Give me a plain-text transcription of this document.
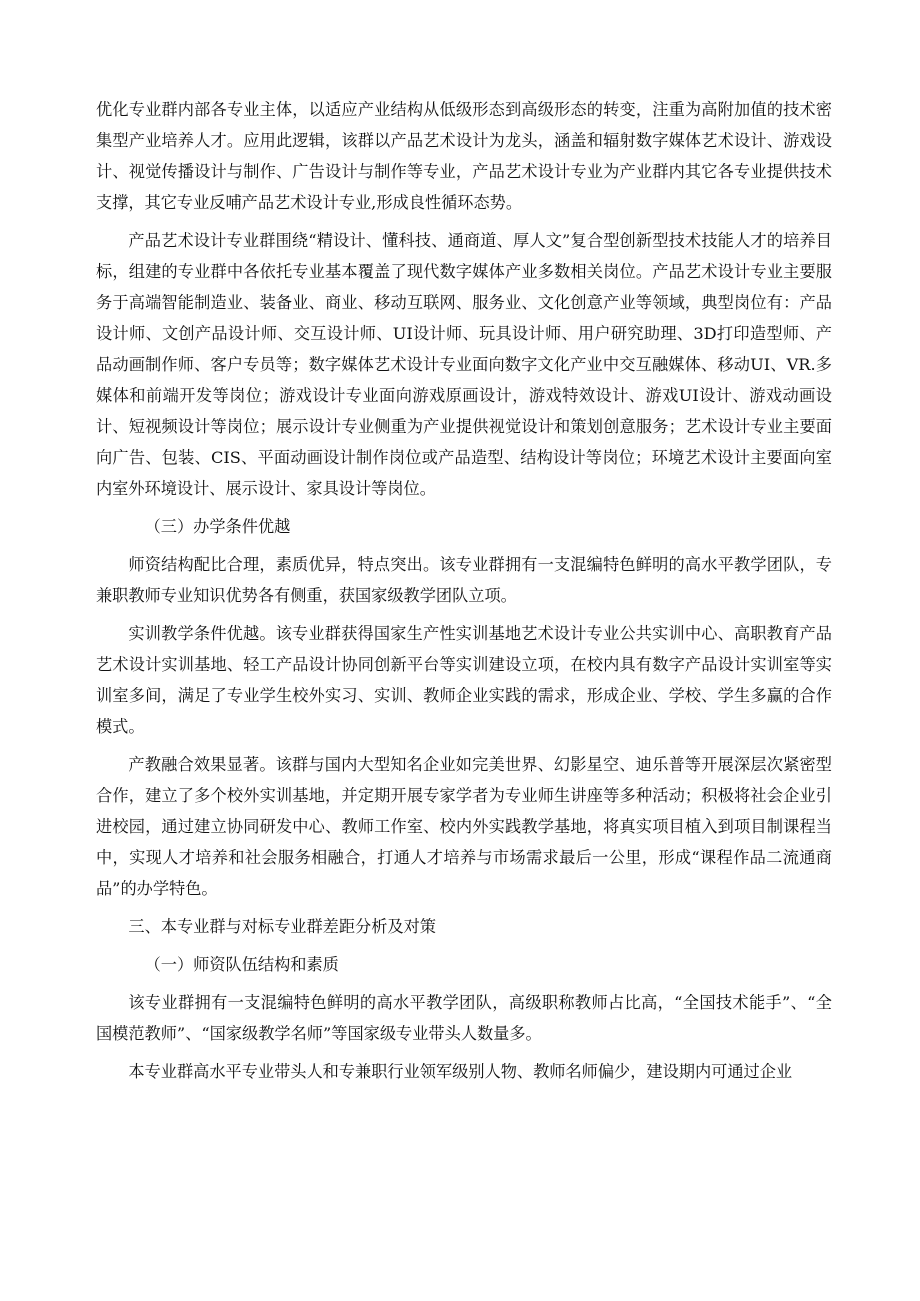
优化专业群内部各专业主体，以适应产业结构从低级形态到高级形态的转变，注重为高附加值的技术密集型产业培养人才。应用此逻辑，该群以产品艺术设计为龙头，涵盖和辐射数字媒体艺术设计、游戏设计、视觉传播设计与制作、广告设计与制作等专业，产品艺术设计专业为产业群内其它各专业提供技术支撑，其它专业反哺产品艺术设计专业,形成良性循环态势。

产品艺术设计专业群围绕“精设计、懂科技、通商道、厚人文”复合型创新型技术技能人才的培养目标，组建的专业群中各依托专业基本覆盖了现代数字媒体产业多数相关岗位。产品艺术设计专业主要服务于高端智能制造业、装备业、商业、移动互联网、服务业、文化创意产业等领域，典型岗位有：产品设计师、文创产品设计师、交互设计师、UI设计师、玩具设计师、用户研究助理、3D打印造型师、产品动画制作师、客户专员等；数字媒体艺术设计专业面向数字文化产业中交互融媒体、移动UI、VR.多媒体和前端开发等岗位；游戏设计专业面向游戏原画设计，游戏特效设计、游戏UI设计、游戏动画设计、短视频设计等岗位；展示设计专业侧重为产业提供视觉设计和策划创意服务；艺术设计专业主要面向广告、包装、CIS、平面动画设计制作岗位或产品造型、结构设计等岗位；环境艺术设计主要面向室内室外环境设计、展示设计、家具设计等岗位。

（三）办学条件优越

师资结构配比合理，素质优异，特点突出。该专业群拥有一支混编特色鲜明的高水平教学团队，专兼职教师专业知识优势各有侧重，获国家级教学团队立项。

实训教学条件优越。该专业群获得国家生产性实训基地艺术设计专业公共实训中心、高职教育产品艺术设计实训基地、轻工产品设计协同创新平台等实训建设立项，在校内具有数字产品设计实训室等实训室多间，满足了专业学生校外实习、实训、教师企业实践的需求，形成企业、学校、学生多赢的合作模式。

产教融合效果显著。该群与国内大型知名企业如完美世界、幻影星空、迪乐普等开展深层次紧密型合作，建立了多个校外实训基地，并定期开展专家学者为专业师生讲座等多种活动；积极将社会企业引进校园，通过建立协同研发中心、教师工作室、校内外实践教学基地，将真实项目植入到项目制课程当中，实现人才培养和社会服务相融合，打通人才培养与市场需求最后一公里，形成“课程作品二流通商品”的办学特色。

三、本专业群与对标专业群差距分析及对策

（一）师资队伍结构和素质

该专业群拥有一支混编特色鲜明的高水平教学团队，高级职称教师占比高，“全国技术能手”、“全国模范教师”、“国家级教学名师”等国家级专业带头人数量多。

本专业群高水平专业带头人和专兼职行业领军级别人物、教师名师偏少，建设期内可通过企业
